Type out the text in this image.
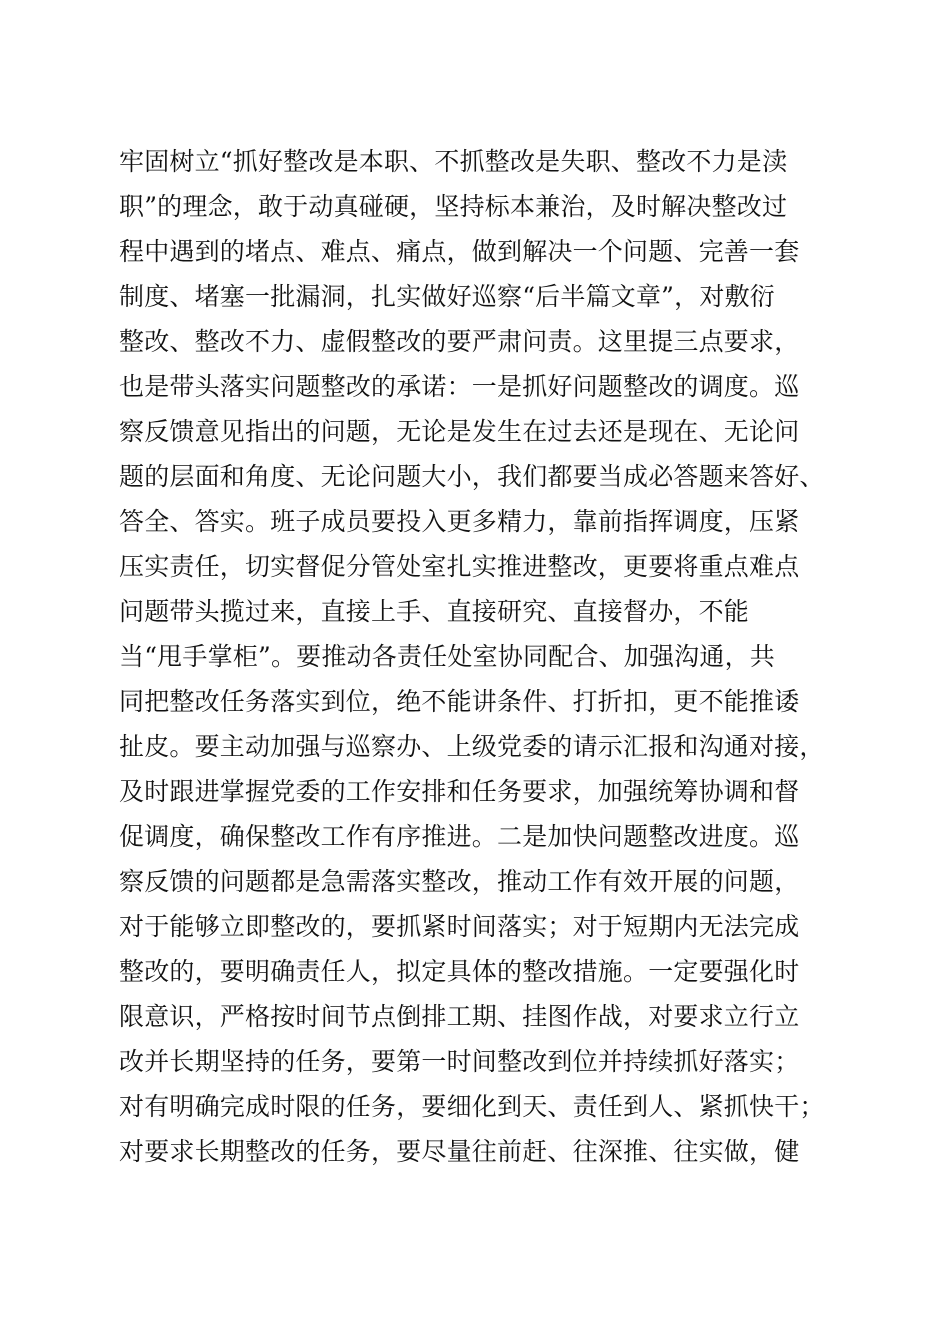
牢固树立“抓好整改是本职、不抓整改是失职、整改不力是渎
职”的理念，敢于动真碰硬，坚持标本兼治，及时解决整改过
程中遇到的堵点、难点、痛点，做到解决一个问题、完善一套
制度、堵塞一批漏洞，扎实做好巡察“后半篇文章”，对敷衍
整改、整改不力、虚假整改的要严肃问责。这里提三点要求，
也是带头落实问题整改的承诺：一是抓好问题整改的调度。巡
察反馈意见指出的问题，无论是发生在过去还是现在、无论问
题的层面和角度、无论问题大小，我们都要当成必答题来答好、
答全、答实。班子成员要投入更多精力，靠前指挥调度，压紧
压实责任，切实督促分管处室扎实推进整改，更要将重点难点
问题带头揽过来，直接上手、直接研究、直接督办，不能
当“甩手掌柜”。要推动各责任处室协同配合、加强沟通，共
同把整改任务落实到位，绝不能讲条件、打折扣，更不能推诿
扯皮。要主动加强与巡察办、上级党委的请示汇报和沟通对接，
及时跟进掌握党委的工作安排和任务要求，加强统筹协调和督
促调度，确保整改工作有序推进。二是加快问题整改进度。巡
察反馈的问题都是急需落实整改，推动工作有效开展的问题，
对于能够立即整改的，要抓紧时间落实；对于短期内无法完成
整改的，要明确责任人，拟定具体的整改措施。一定要强化时
限意识，严格按时间节点倒排工期、挂图作战，对要求立行立
改并长期坚持的任务，要第一时间整改到位并持续抓好落实；
对有明确完成时限的任务，要细化到天、责任到人、紧抓快干；
对要求长期整改的任务，要尽量往前赶、往深推、往实做，健
